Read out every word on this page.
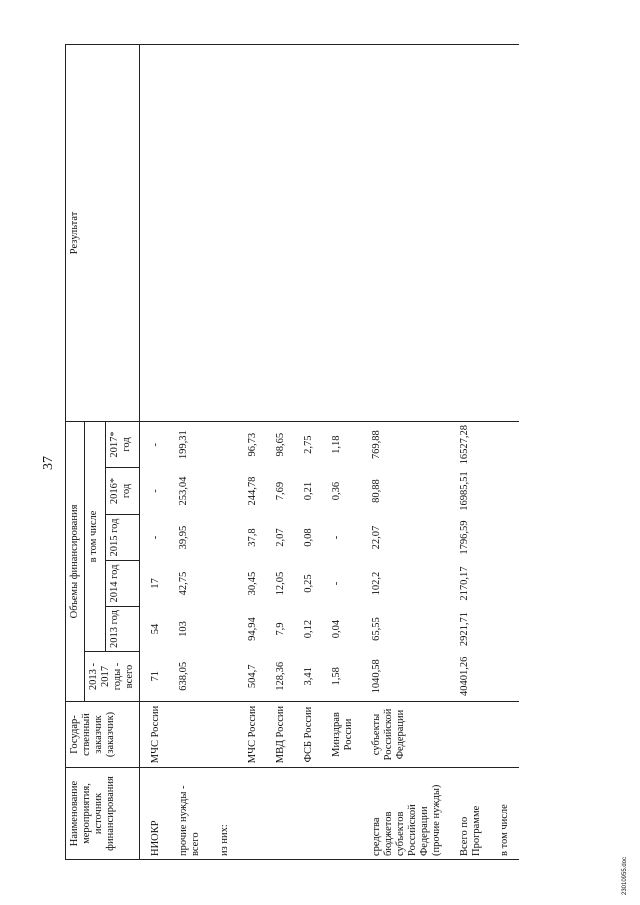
37
Наименование мероприятия, источник финансирования	Государ-ственный заказчик (заказчик)	Объемы финансирования						Результат
		2013 - 2017 годы - всего	в том числе					
			2013 год	2014 год	2015 год	2016* год	2017* год	
НИОКР	МЧС России	71	54	17	-	-	-	
прочие нужды - всего		638,05	103	42,75	39,95	253,04	199,31	
из них:								
	МЧС России	504,7	94,94	30,45	37,8	244,78	96,73	
	МВД России	128,36	7,9	12,05	2,07	7,69	98,65	
	ФСБ России	3,41	0,12	0,25	0,08	0,21	2,75	
	Минздрав России	1,58	0,04	-	-	0,36	1,18	
средства бюджетов субъектов Российской Федерации (прочие нужды)	субъекты Российской Федерации	1040,58	65,55	102,2	22,07	80,88	769,88	
Всего по Программе		40401,26	2921,71	2170,17	1796,59	16985,51	16527,28	
в том числе								
23010955.doc
